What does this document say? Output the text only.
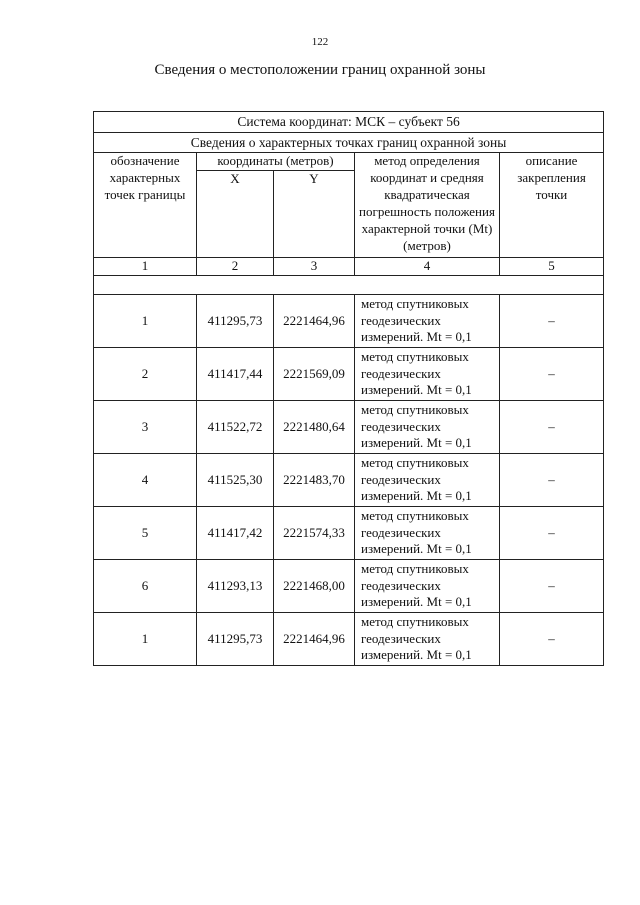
122
Сведения о местоположении границ охранной зоны
Система координат: МСК – субъект 56				
Сведения о характерных точках границ охранной зоны				
обозначение характерных точек границы	координаты (метров)		метод определения координат и средняя квадратическая погрешность положения характерной точки (Mt) (метров)	описание закрепления точки
	X	Y		
1	2	3	4	5

1	411295,73	2221464,96	метод спутниковых геодезических измерений. Mt = 0,1	–
2	411417,44	2221569,09	метод спутниковых геодезических измерений. Mt = 0,1	–
3	411522,72	2221480,64	метод спутниковых геодезических измерений. Mt = 0,1	–
4	411525,30	2221483,70	метод спутниковых геодезических измерений. Mt = 0,1	–
5	411417,42	2221574,33	метод спутниковых геодезических измерений. Mt = 0,1	–
6	411293,13	2221468,00	метод спутниковых геодезических измерений. Mt = 0,1	–
1	411295,73	2221464,96	метод спутниковых геодезических измерений. Mt = 0,1	–
